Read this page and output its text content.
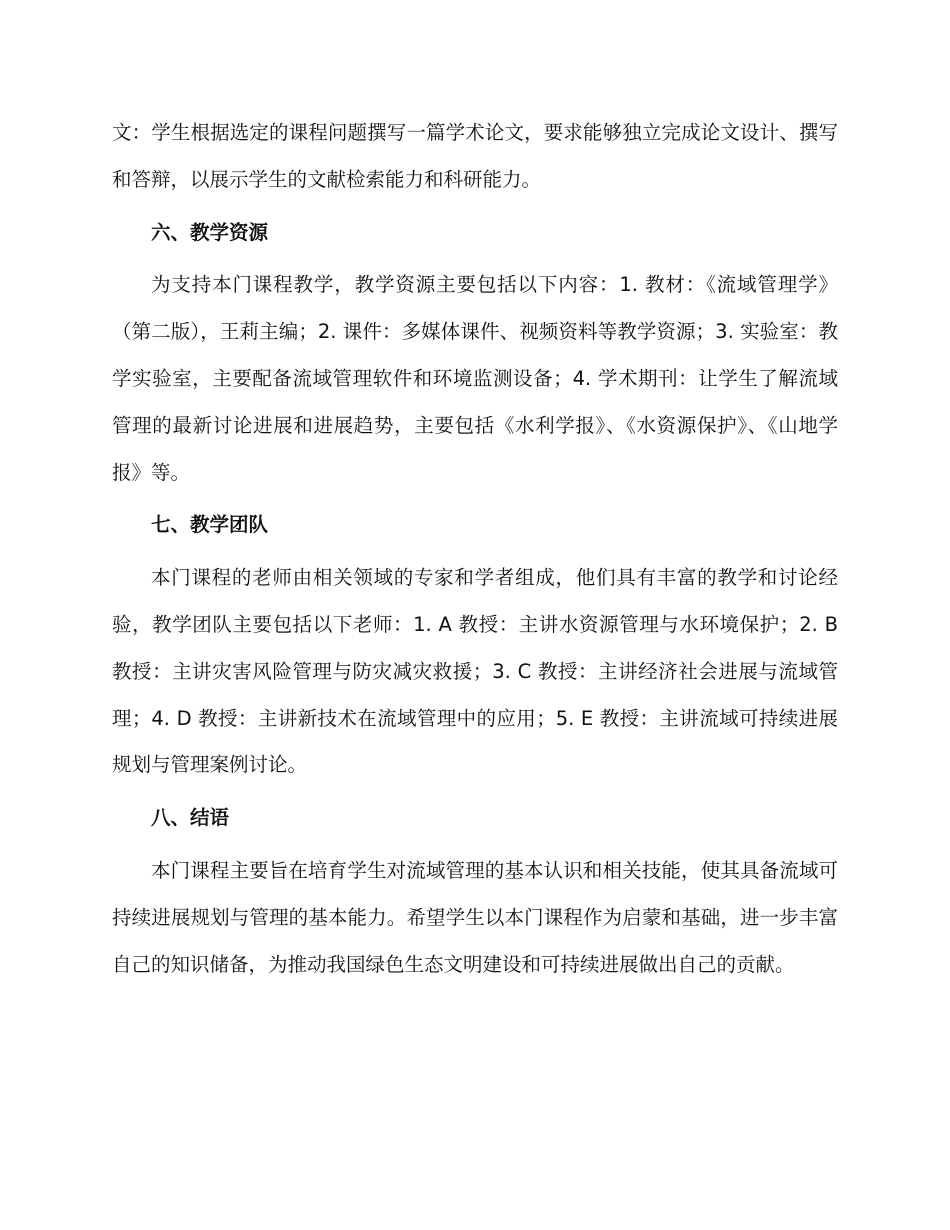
文：学生根据选定的课程问题撰写一篇学术论文，要求能够独立完成论文设计、撰写和答辩，以展示学生的文献检索能力和科研能力。

六、教学资源

为支持本门课程教学，教学资源主要包括以下内容：1. 教材：《流域管理学》（第二版），王莉主编；2. 课件：多媒体课件、视频资料等教学资源；3. 实验室：教学实验室，主要配备流域管理软件和环境监测设备；4. 学术期刊：让学生了解流域管理的最新讨论进展和进展趋势，主要包括《水利学报》、《水资源保护》、《山地学报》等。

七、教学团队

本门课程的老师由相关领域的专家和学者组成，他们具有丰富的教学和讨论经验，教学团队主要包括以下老师：1. A 教授：主讲水资源管理与水环境保护；2. B 教授：主讲灾害风险管理与防灾减灾救援；3. C 教授：主讲经济社会进展与流域管理；4. D 教授：主讲新技术在流域管理中的应用；5. E 教授：主讲流域可持续进展规划与管理案例讨论。

八、结语

本门课程主要旨在培育学生对流域管理的基本认识和相关技能，使其具备流域可持续进展规划与管理的基本能力。希望学生以本门课程作为启蒙和基础，进一步丰富自己的知识储备，为推动我国绿色生态文明建设和可持续进展做出自己的贡献。
